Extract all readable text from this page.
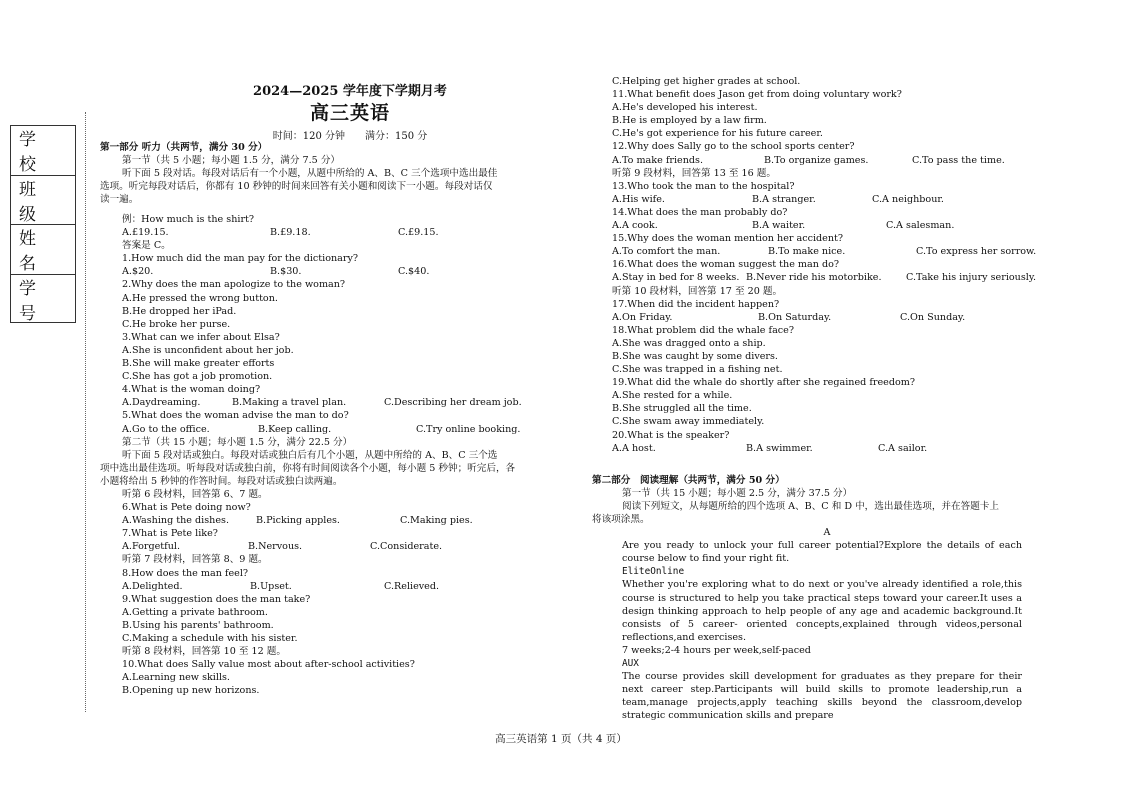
学 校
班 级
姓 名
学 号
2024—2025 学年度下学期月考
高三英语
时间：120 分钟　　满分：150 分
第一部分 听力（共两节，满分 30 分）
第一节（共 5 小题；每小题 1.5 分，满分 7.5 分）
听下面 5 段对话。每段对话后有一个小题，从题中所给的 A、B、C 三个选项中选出最佳
选项。听完每段对话后，你都有 10 秒钟的时间来回答有关小题和阅读下一小题。每段对话仅
读一遍。
例：How much is the shirt?
A.£19.15.	B.£9.18.	C.£9.15.
答案是 C。
1.How much did the man pay for the dictionary?
A.$20.	B.$30.	C.$40.
2.Why does the man apologize to the woman?
A.He pressed the wrong button.
B.He dropped her iPad.
C.He broke her purse.
3.What can we infer about Elsa?
A.She is unconfident about her job.
B.She will make greater efforts
C.She has got a job promotion.
4.What is the woman doing?
A.Daydreaming.	B.Making a travel plan.	C.Describing her dream job.
5.What does the woman advise the man to do?
A.Go to the office.	B.Keep calling.	C.Try online booking.
第二节（共 15 小题；每小题 1.5 分，满分 22.5 分）
听下面 5 段对话或独白。每段对话或独白后有几个小题，从题中所给的 A、B、C 三个选
项中选出最佳选项。听每段对话或独白前，你将有时间阅读各个小题，每小题 5 秒钟；听完后，各
小题将给出 5 秒钟的作答时间。每段对话或独白读两遍。
听第 6 段材料，回答第 6、7 题。
6.What is Pete doing now?
A.Washing the dishes.	B.Picking apples.	C.Making pies.
7.What is Pete like?
A.Forgetful.	B.Nervous.	C.Considerate.
听第 7 段材料，回答第 8、9 题。
8.How does the man feel?
A.Delighted.	B.Upset.	C.Relieved.
9.What suggestion does the man take?
A.Getting a private bathroom.
B.Using his parents' bathroom.
C.Making a schedule with his sister.
听第 8 段材料，回答第 10 至 12 题。
10.What does Sally value most about after-school activities?
A.Learning new skills.
B.Opening up new horizons.
C.Helping get higher grades at school.
11.What benefit does Jason get from doing voluntary work?
A.He's developed his interest.
B.He is employed by a law firm.
C.He's got experience for his future career.
12.Why does Sally go to the school sports center?
A.To make friends.	B.To organize games.	C.To pass the time.
听第 9 段材料，回答第 13 至 16 题。
13.Who took the man to the hospital?
A.His wife.	B.A stranger.	C.A neighbour.
14.What does the man probably do?
A.A cook.	B.A waiter.	C.A salesman.
15.Why does the woman mention her accident?
A.To comfort the man.	B.To make nice.	C.To express her sorrow.
16.What does the woman suggest the man do?
A.Stay in bed for 8 weeks. B.Never ride his motorbike.	C.Take his injury seriously.
听第 10 段材料，回答第 17 至 20 题。
17.When did the incident happen?
A.On Friday.	B.On Saturday.	C.On Sunday.
18.What problem did the whale face?
A.She was dragged onto a ship.
B.She was caught by some divers.
C.She was trapped in a fishing net.
19.What did the whale do shortly after she regained freedom?
A.She rested for a while.
B.She struggled all the time.
C.She swam away immediately.
20.What is the speaker?
A.A host.	B.A swimmer.	C.A sailor.
第二部分　阅读理解（共两节，满分 50 分）
第一节（共 15 小题；每小题 2.5 分，满分 37.5 分）
阅读下列短文，从每题所给的四个选项 A、B、C 和 D 中，选出最佳选项，并在答题卡上
将该项涂黑。
A
Are you ready to unlock your full career potential?Explore the details of each course below to find your right fit.
EliteOnline
Whether you're exploring what to do next or you've already identified a role,this course is structured to help you take practical steps toward your career.It uses a design thinking approach to help people of any age and academic background.It consists of 5 career- oriented concepts,explained through videos,personal reflections,and exercises.
7 weeks;2-4 hours per week,self-paced
AUX
The course provides skill development for graduates as they prepare for their next career step.Participants will build skills to promote leadership,run a team,manage projects,apply teaching skills beyond the classroom,develop strategic communication skills and prepare
高三英语第 1 页（共 4 页）
